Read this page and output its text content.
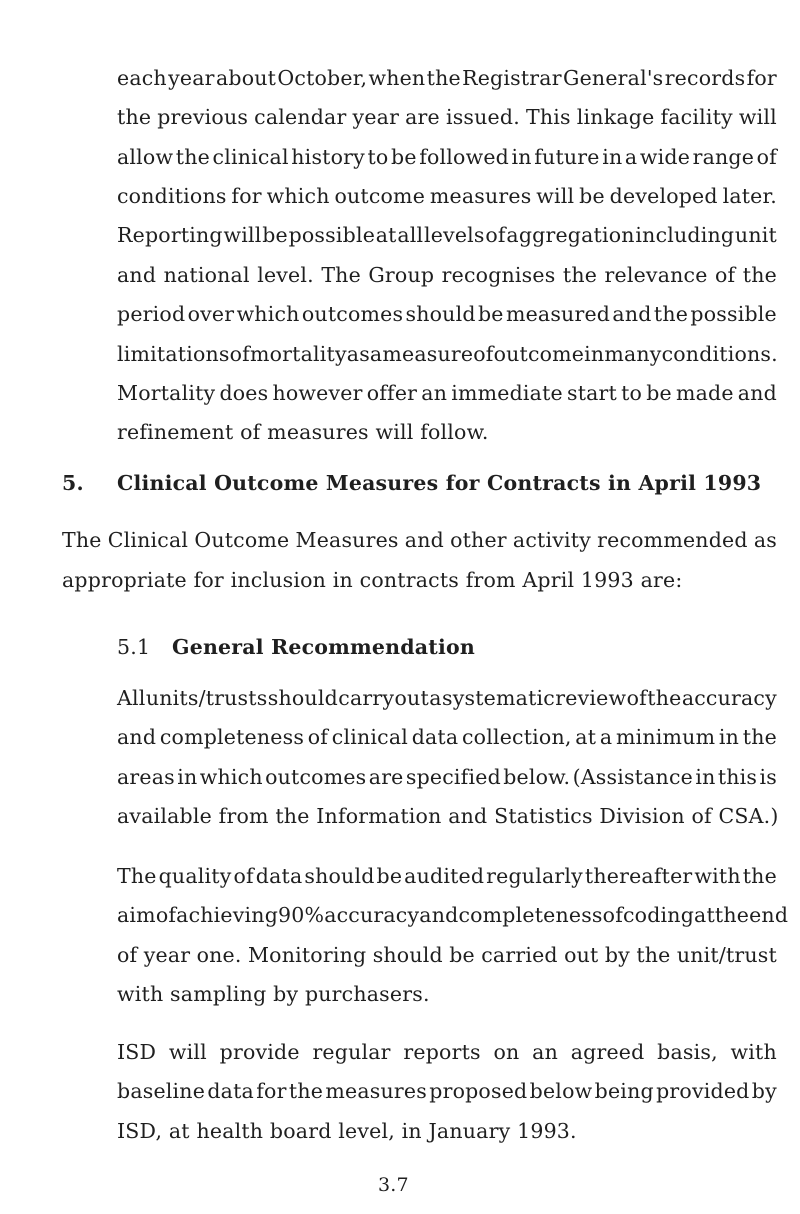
each year about October, when the Registrar General's records for
the previous calendar year are issued. This linkage facility will
allow the clinical history to be followed in future in a wide range of
conditions for which outcome measures will be developed later.
Reporting will be possible at all levels of aggregation including unit
and national level. The Group recognises the relevance of the
period over which outcomes should be measured and the possible
limitations of mortality as a measure of outcome in many conditions.
Mortality does however offer an immediate start to be made and
refinement of measures will follow.
5. Clinical Outcome Measures for Contracts in April 1993
The Clinical Outcome Measures and other activity recommended as
appropriate for inclusion in contracts from April 1993 are:
5.1 General Recommendation
All units/trusts should carry out a systematic review of the accuracy
and completeness of clinical data collection, at a minimum in the
areas in which outcomes are specified below. (Assistance in this is
available from the Information and Statistics Division of CSA.)
The quality of data should be audited regularly thereafter with the
aim of achieving 90% accuracy and completeness of coding at the end
of year one. Monitoring should be carried out by the unit/trust
with sampling by purchasers.
ISD will provide regular reports on an agreed basis, with
baseline data for the measures proposed below being provided by
ISD, at health board level, in January 1993.
3.7
